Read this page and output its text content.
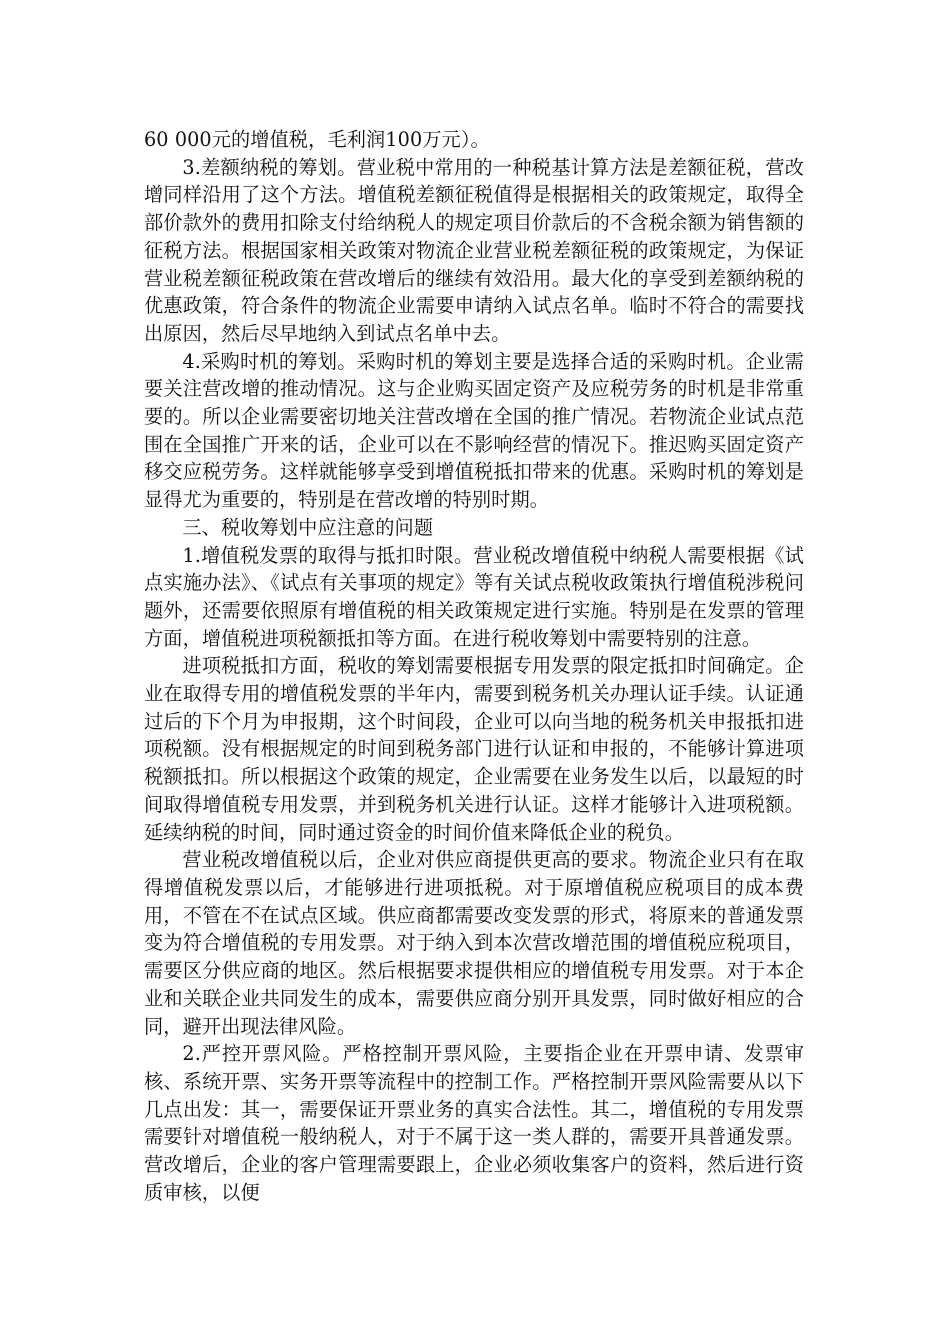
60 000元的增值税，毛利润100万元）。

3.差额纳税的筹划。营业税中常用的一种税基计算方法是差额征税，营改增同样沿用了这个方法。增值税差额征税值得是根据相关的政策规定，取得全部价款外的费用扣除支付给纳税人的规定项目价款后的不含税余额为销售额的征税方法。根据国家相关政策对物流企业营业税差额征税的政策规定，为保证营业税差额征税政策在营改增后的继续有效沿用。最大化的享受到差额纳税的优惠政策，符合条件的物流企业需要申请纳入试点名单。临时不符合的需要找出原因，然后尽早地纳入到试点名单中去。

4.采购时机的筹划。采购时机的筹划主要是选择合适的采购时机。企业需要关注营改增的推动情况。这与企业购买固定资产及应税劳务的时机是非常重要的。所以企业需要密切地关注营改增在全国的推广情况。若物流企业试点范围在全国推广开来的话，企业可以在不影响经营的情况下。推迟购买固定资产移交应税劳务。这样就能够享受到增值税抵扣带来的优惠。采购时机的筹划是显得尤为重要的，特别是在营改增的特别时期。

三、税收筹划中应注意的问题

1.增值税发票的取得与抵扣时限。营业税改增值税中纳税人需要根据《试点实施办法》、《试点有关事项的规定》等有关试点税收政策执行增值税涉税问题外，还需要依照原有增值税的相关政策规定进行实施。特别是在发票的管理方面，增值税进项税额抵扣等方面。在进行税收筹划中需要特别的注意。

进项税抵扣方面，税收的筹划需要根据专用发票的限定抵扣时间确定。企业在取得专用的增值税发票的半年内，需要到税务机关办理认证手续。认证通过后的下个月为申报期，这个时间段，企业可以向当地的税务机关申报抵扣进项税额。没有根据规定的时间到税务部门进行认证和申报的，不能够计算进项税额抵扣。所以根据这个政策的规定，企业需要在业务发生以后，以最短的时间取得增值税专用发票，并到税务机关进行认证。这样才能够计入进项税额。延续纳税的时间，同时通过资金的时间价值来降低企业的税负。

营业税改增值税以后，企业对供应商提供更高的要求。物流企业只有在取得增值税发票以后，才能够进行进项抵税。对于原增值税应税项目的成本费用，不管在不在试点区域。供应商都需要改变发票的形式，将原来的普通发票变为符合增值税的专用发票。对于纳入到本次营改增范围的增值税应税项目，需要区分供应商的地区。然后根据要求提供相应的增值税专用发票。对于本企业和关联企业共同发生的成本，需要供应商分别开具发票，同时做好相应的合同，避开出现法律风险。

2.严控开票风险。严格控制开票风险，主要指企业在开票申请、发票审核、系统开票、实务开票等流程中的控制工作。严格控制开票风险需要从以下几点出发：其一，需要保证开票业务的真实合法性。其二，增值税的专用发票需要针对增值税一般纳税人，对于不属于这一类人群的，需要开具普通发票。营改增后，企业的客户管理需要跟上，企业必须收集客户的资料，然后进行资质审核，以便
